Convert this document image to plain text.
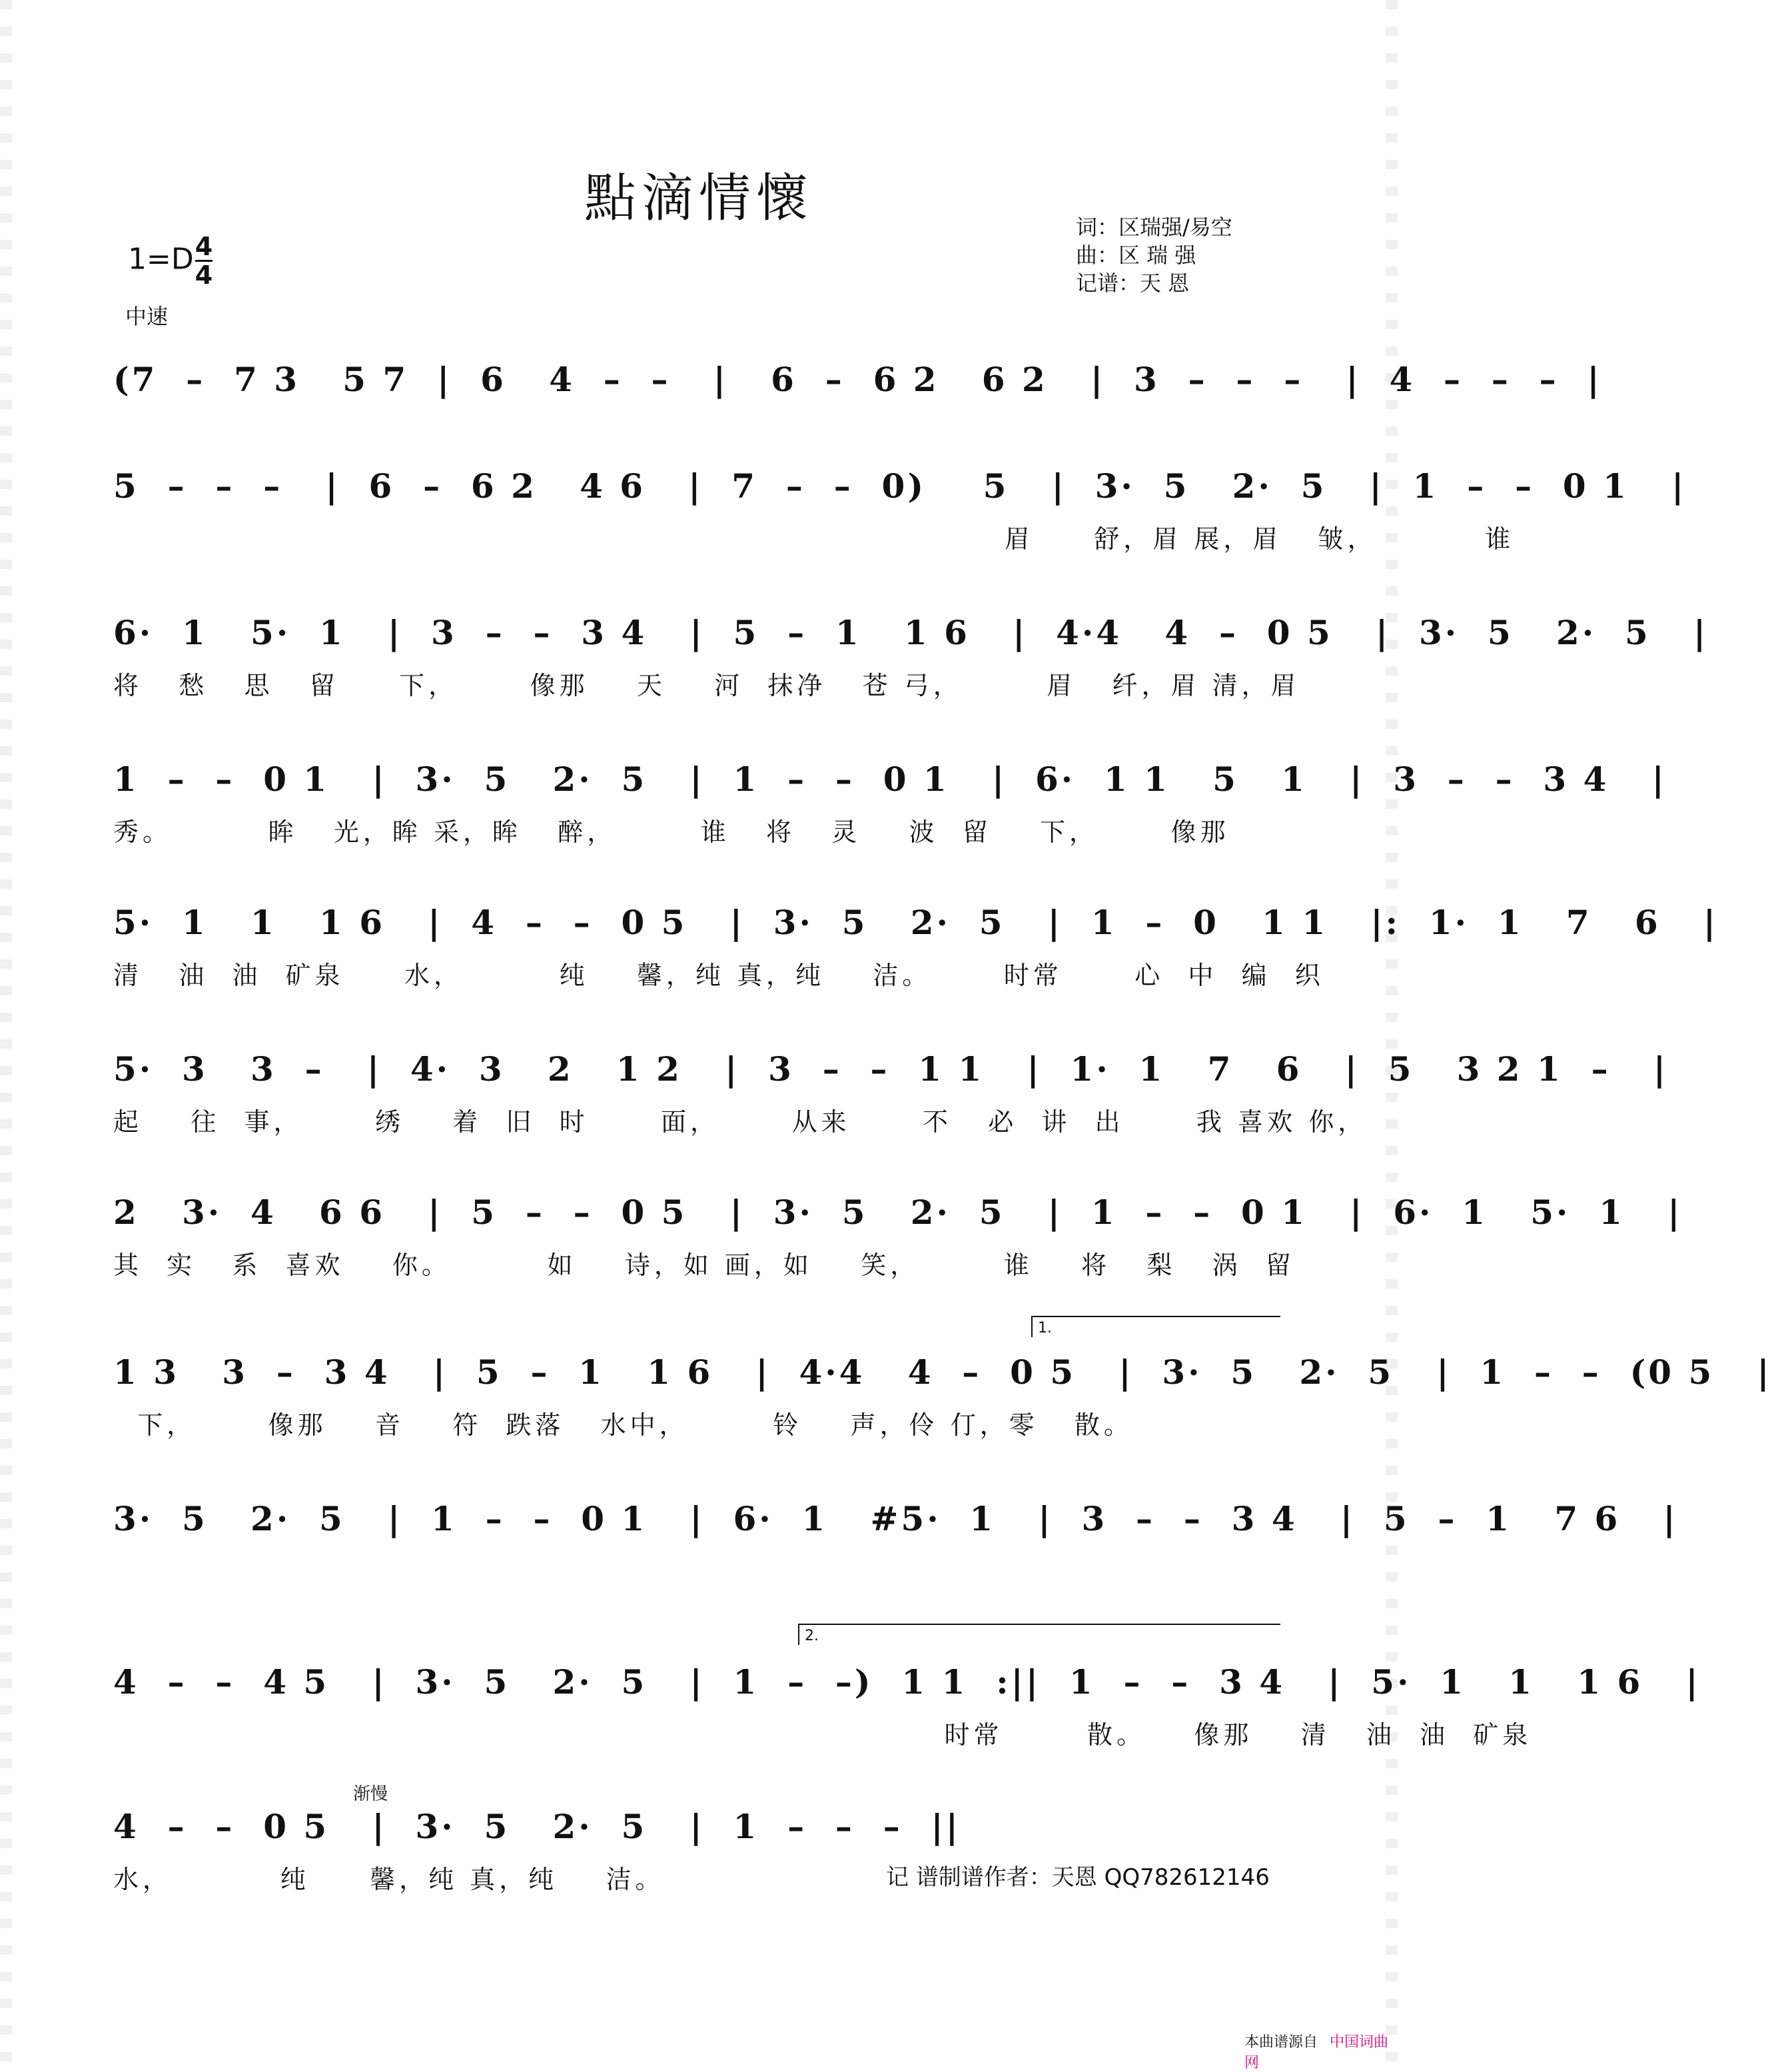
點滴情懷
$1=D \frac{4}{4}$
中速
词：区瑞强/易空
曲：区 瑞 强
记谱：天 恩
(7  –  7 3   5 7  |  6   4  –  –   |   6  –  6 2   6 2   |  3  –  –  –   |  4  –  –  –  |
5  –  –  –   |  6  –  6 2   4 6   |  7  –  –  0)    5   |  3·  5   2·  5   |  1  –  –  0 1   |
眉     舒，眉 展，眉   皱，         谁
6·  1   5·  1   |  3  –  –  3 4   |  5  –  1   1 6   |  4·4   4  –  0 5   |  3·  5   2·  5   |
将   愁   思   留     下，      像那    天    河  抹净   苍 弓，       眉   纤，眉 清，眉
1  –  –  0 1   |  3·  5   2·  5   |  1  –  –  0 1   |  6·  1 1   5   1   |  3  –  –  3 4   |
秀。        眸   光，眸 采，眸   醉，       谁   将   灵    波  留    下，      像那
5·  1   1   1 6   |  4  –  –  0 5   |  3·  5   2·  5   |  1  –  0   1 1   |:  1·  1   7   6   |
清   油  油  矿泉     水，        纯    馨，纯 真，纯    洁。      时常      心  中  编  织
5·  3   3  –   |  4·  3   2   1 2   |  3  –  –  1 1   |  1·  1   7   6   |  5   3 2 1  –   |
起    往  事，      绣    着  旧  时      面，      从来      不   必  讲  出      我 喜欢 你，
2   3·  4   6 6   |  5  –  –  0 5   |  3·  5   2·  5   |  1  –  –  0 1   |  6·  1   5·  1   |
其  实   系  喜欢    你。        如    诗，如 画，如    笑，       谁    将   梨   涡  留
1.
1 3   3  –  3 4   |  5  –  1   1 6   |  4·4   4  –  0 5   |  3·  5   2·  5   |  1  –  –  (0 5   |
下，      像那    音    符  跌落   水中，       铃    声，伶 仃，零   散。
3·  5   2·  5   |  1  –  –  0 1   |  6·  1   #5·  1   |  3  –  –  3 4   |  5  –  1   7 6   |
2.
4  –  –  4 5   |  3·  5   2·  5   |  1  –  –)  1 1  :||  1  –  –  3 4   |  5·  1   1   1 6   |
时常       散。    像那    清   油  油  矿泉
渐慢
4  –  –  0 5   |  3·  5   2·  5   |  1  –  –  –  ||
水，         纯     馨，纯 真，纯    洁。	记 谱制谱作者：天恩 QQ782612146
本曲谱源自 中国词曲网
